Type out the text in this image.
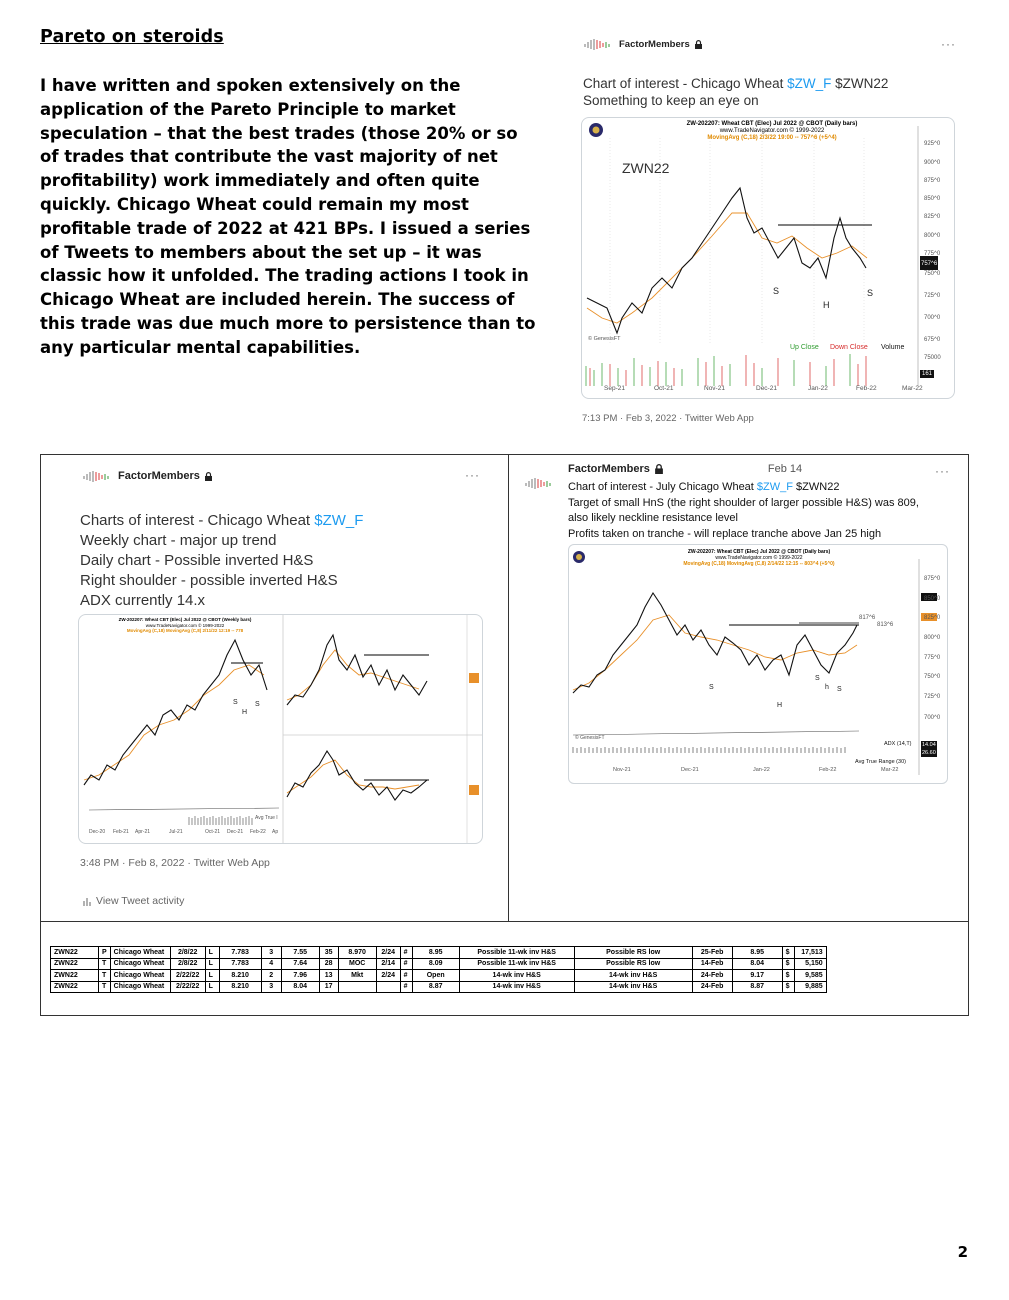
Pareto on steroids
I have written and spoken extensively on the application of the Pareto Principle to market speculation – that the best trades (those 20% or so of trades that contribute the vast majority of net profitability) work immediately and often quite quickly. Chicago Wheat could remain my most profitable trade of 2022 at 421 BPs. I issued a series of Tweets to members about the set up – it was classic how it unfolded. The trading actions I took in Chicago Wheat are included herein. The success of this trade was due much more to persistence than to any particular mental capabilities.
FactorMembers	···
Chart of interest - Chicago Wheat $ZW_F $ZWN22
Something to keep an eye on
ZW-202207: Wheat CBT (Elec) Jul 2022 @ CBOT (Daily bars)
www.TradeNavigator.com © 1999-2022
MovingAvg (C,18) 2/3/22 19:00 -- 757^6 (+5^4)
ZWN22
S
H
S
925^0
900^0
875^0
850^0
825^0
800^0
775^0
750^0
725^0
700^0
675^0
75000
757^6
161
© GenesisFT
Up Close Down Close Volume
Sep-21	Oct-21	Nov-21	Dec-21	Jan-22	Feb-22	Mar-22
7:13 PM · Feb 3, 2022 · Twitter Web App
FactorMembers	···
Charts of interest - Chicago Wheat $ZW_F
Weekly chart - major up trend
Daily chart - Possible inverted H&S
Right shoulder - possible inverted H&S
ADX currently 14.x
ZW-202207: Wheat CBT (Elec) Jul 2022 @ CBOT (Weekly bars)
www.TradeNavigator.com © 1999-2022
MovingAvg (C,18) MovingAvg (C,8) 2/11/22 12:19 -- 778
S S
H
Avg True I
Dec-20 Feb-21 Apr-21	Jul-21	Oct-21 Dec-21 Feb-22 Ap
3:48 PM · Feb 8, 2022 · Twitter Web App
View Tweet activity
FactorMembers	Feb 14	···
Chart of interest - July Chicago Wheat $ZW_F $ZWN22
Target of small HnS (the right shoulder of larger possible H&S) was 809,
also likely neckline resistance level
Profits taken on tranche - will replace tranche above Jan 25 high
ZW-202207: Wheat CBT (Elec) Jul 2022 @ CBOT (Daily bars)
www.TradeNavigator.com © 1999-2022
MovingAvg (C,18) MovingAvg (C,8) 2/14/22 12:15 -- 803^4 (+5^0)
817^6
813^6
S
H
S
h S
875^0
850^0
825^0
800^0
775^0
750^0
725^0
700^0
© GenesisFT
ADX (14,T)
Avg True Range (30)
14.04
26.60
Nov-21	Dec-21	Jan-22	Feb-22	Mar-22
ZWN22	P	Chicago Wheat	2/8/22	L	7.783	3	7.55	35	8.970	2/24	#	8.95	Possible 11-wk inv H&S	Possible RS low	25-Feb	8.95	$	17,513
ZWN22	T	Chicago Wheat	2/8/22	L	7.783	4	7.64	28	MOC	2/14	#	8.09	Possible 11-wk inv H&S	Possible RS low	14-Feb	8.04	$	5,150
ZWN22	T	Chicago Wheat	2/22/22	L	8.210	2	7.96	13	Mkt	2/24	#	Open	14-wk inv H&S	14-wk inv H&S	24-Feb	9.17	$	9,585
ZWN22	T	Chicago Wheat	2/22/22	L	8.210	3	8.04	17			#	8.87	14-wk inv H&S	14-wk inv H&S	24-Feb	8.87	$	9,885
2
